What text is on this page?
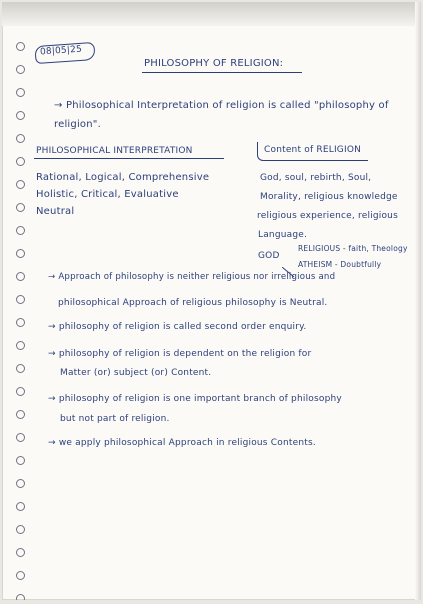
08|05|25
PHILOSOPHY OF RELIGION:
→ Philosophical Interpretation of religion is called "philosophy of religion".
PHILOSOPHICAL INTERPRETATION
Rational, Logical, Comprehensive
Holistic, Critical, Evaluative
Neutral
Content of RELIGION
God, soul, rebirth, Soul,
Morality, religious knowledge
religious experience, religious
Language.
GOD
RELIGIOUS - faith, Theology
ATHEISM - Doubtfully
→ Approach of philosophy is neither religious nor irreligious and
philosophical Approach of religious philosophy is Neutral.
→ philosophy of religion is called second order enquiry.
→ philosophy of religion is dependent on the religion for
Matter (or) subject (or) Content.
→ philosophy of religion is one important branch of philosophy
but not part of religion.
→ we apply philosophical Approach in religious Contents.
